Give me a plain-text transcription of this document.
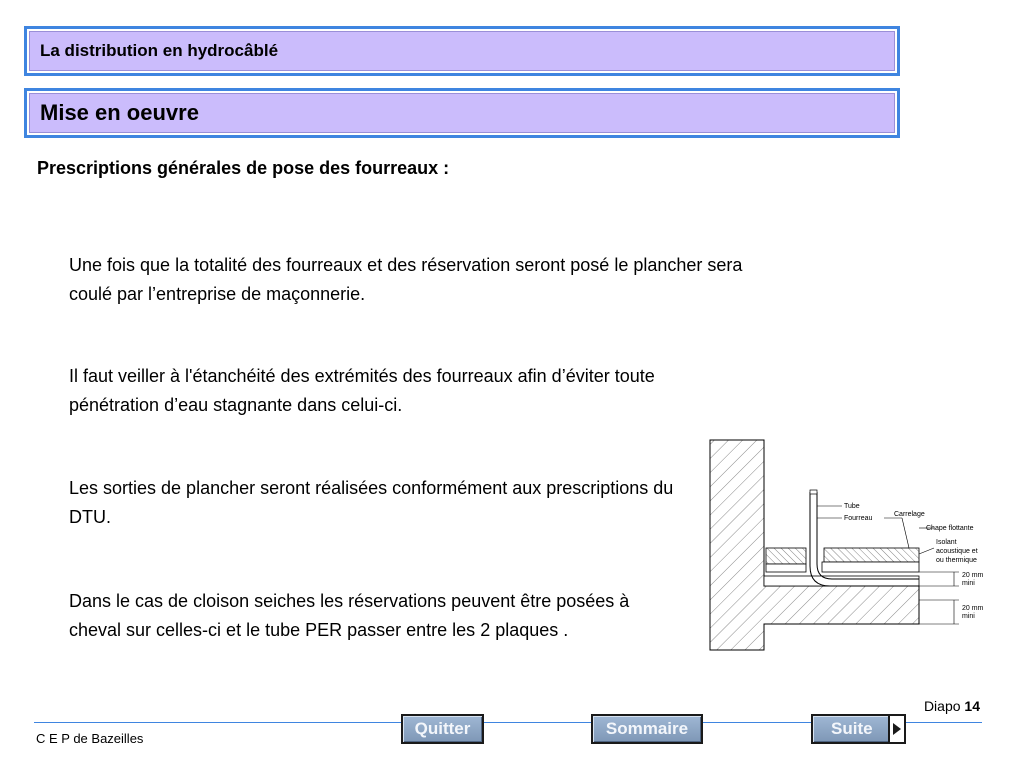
La distribution en hydrocâblé
Mise en oeuvre
Prescriptions générales de pose des fourreaux :
Une fois que la totalité des fourreaux et des réservation seront posé le plancher sera coulé par l’entreprise de maçonnerie.
Il faut veiller à l'étanchéité des extrémités des fourreaux afin d’éviter toute pénétration d’eau stagnante dans celui-ci.
Les sorties de plancher seront réalisées conformément aux prescriptions du DTU.
Dans le cas de cloison seiches les réservations peuvent être posées à cheval sur celles-ci et le tube PER passer entre les 2 plaques .
Tube
Fourreau
Carrelage
Chape flottante
Isolant
acoustique et
ou thermique
20 mm
mini
20 mm
mini
Diapo 14
C E P de Bazeilles
Quitter	Sommaire	Suite
